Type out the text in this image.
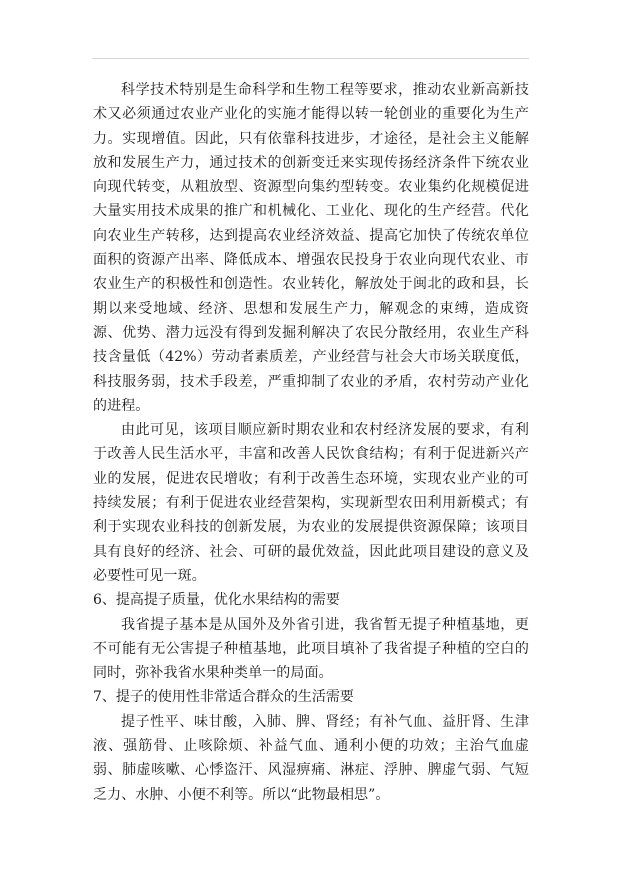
科学技术特别是生命科学和生物工程等要求，推动农业新高新技术又必须通过农业产业化的实施才能得以转一轮创业的重要化为生产力。实现增值。因此，只有依靠科技进步，才途径，是社会主义能解放和发展生产力，通过技术的创新变迁来实现传扬经济条件下统农业向现代转变，从粗放型、资源型向集约型转变。农业集约化规模促进大量实用技术成果的推广和机械化、工业化、现化的生产经营。代化向农业生产转移，达到提高农业经济效益、提高它加快了传统农单位面积的资源产出率、降低成本、增强农民投身于农业向现代农业、市农业生产的积极性和创造性。农业转化，解放处于闽北的政和县，长期以来受地域、经济、思想和发展生产力，解观念的束缚，造成资源、优势、潜力远没有得到发掘利解决了农民分散经用，农业生产科技含量低（42%）劳动者素质差，产业经营与社会大市场关联度低，科技服务弱，技术手段差，严重抑制了农业的矛盾，农村劳动产业化的进程。

由此可见，该项目顺应新时期农业和农村经济发展的要求，有利于改善人民生活水平，丰富和改善人民饮食结构；有利于促进新兴产业的发展，促进农民增收；有利于改善生态环境，实现农业产业的可持续发展；有利于促进农业经营架构，实现新型农田利用新模式；有利于实现农业科技的创新发展，为农业的发展提供资源保障；该项目具有良好的经济、社会、可研的最优效益，因此此项目建设的意义及必要性可见一斑。

6、提高提子质量，优化水果结构的需要

我省提子基本是从国外及外省引进，我省暂无提子种植基地，更不可能有无公害提子种植基地，此项目填补了我省提子种植的空白的同时，弥补我省水果种类单一的局面。

7、提子的使用性非常适合群众的生活需要

提子性平、味甘酸，入肺、脾、肾经；有补气血、益肝肾、生津液、强筋骨、止咳除烦、补益气血、通利小便的功效；主治气血虚弱、肺虚咳嗽、心悸盗汗、风湿痹痛、淋症、浮肿、脾虚气弱、气短乏力、水肿、小便不利等。所以“此物最相思”。
